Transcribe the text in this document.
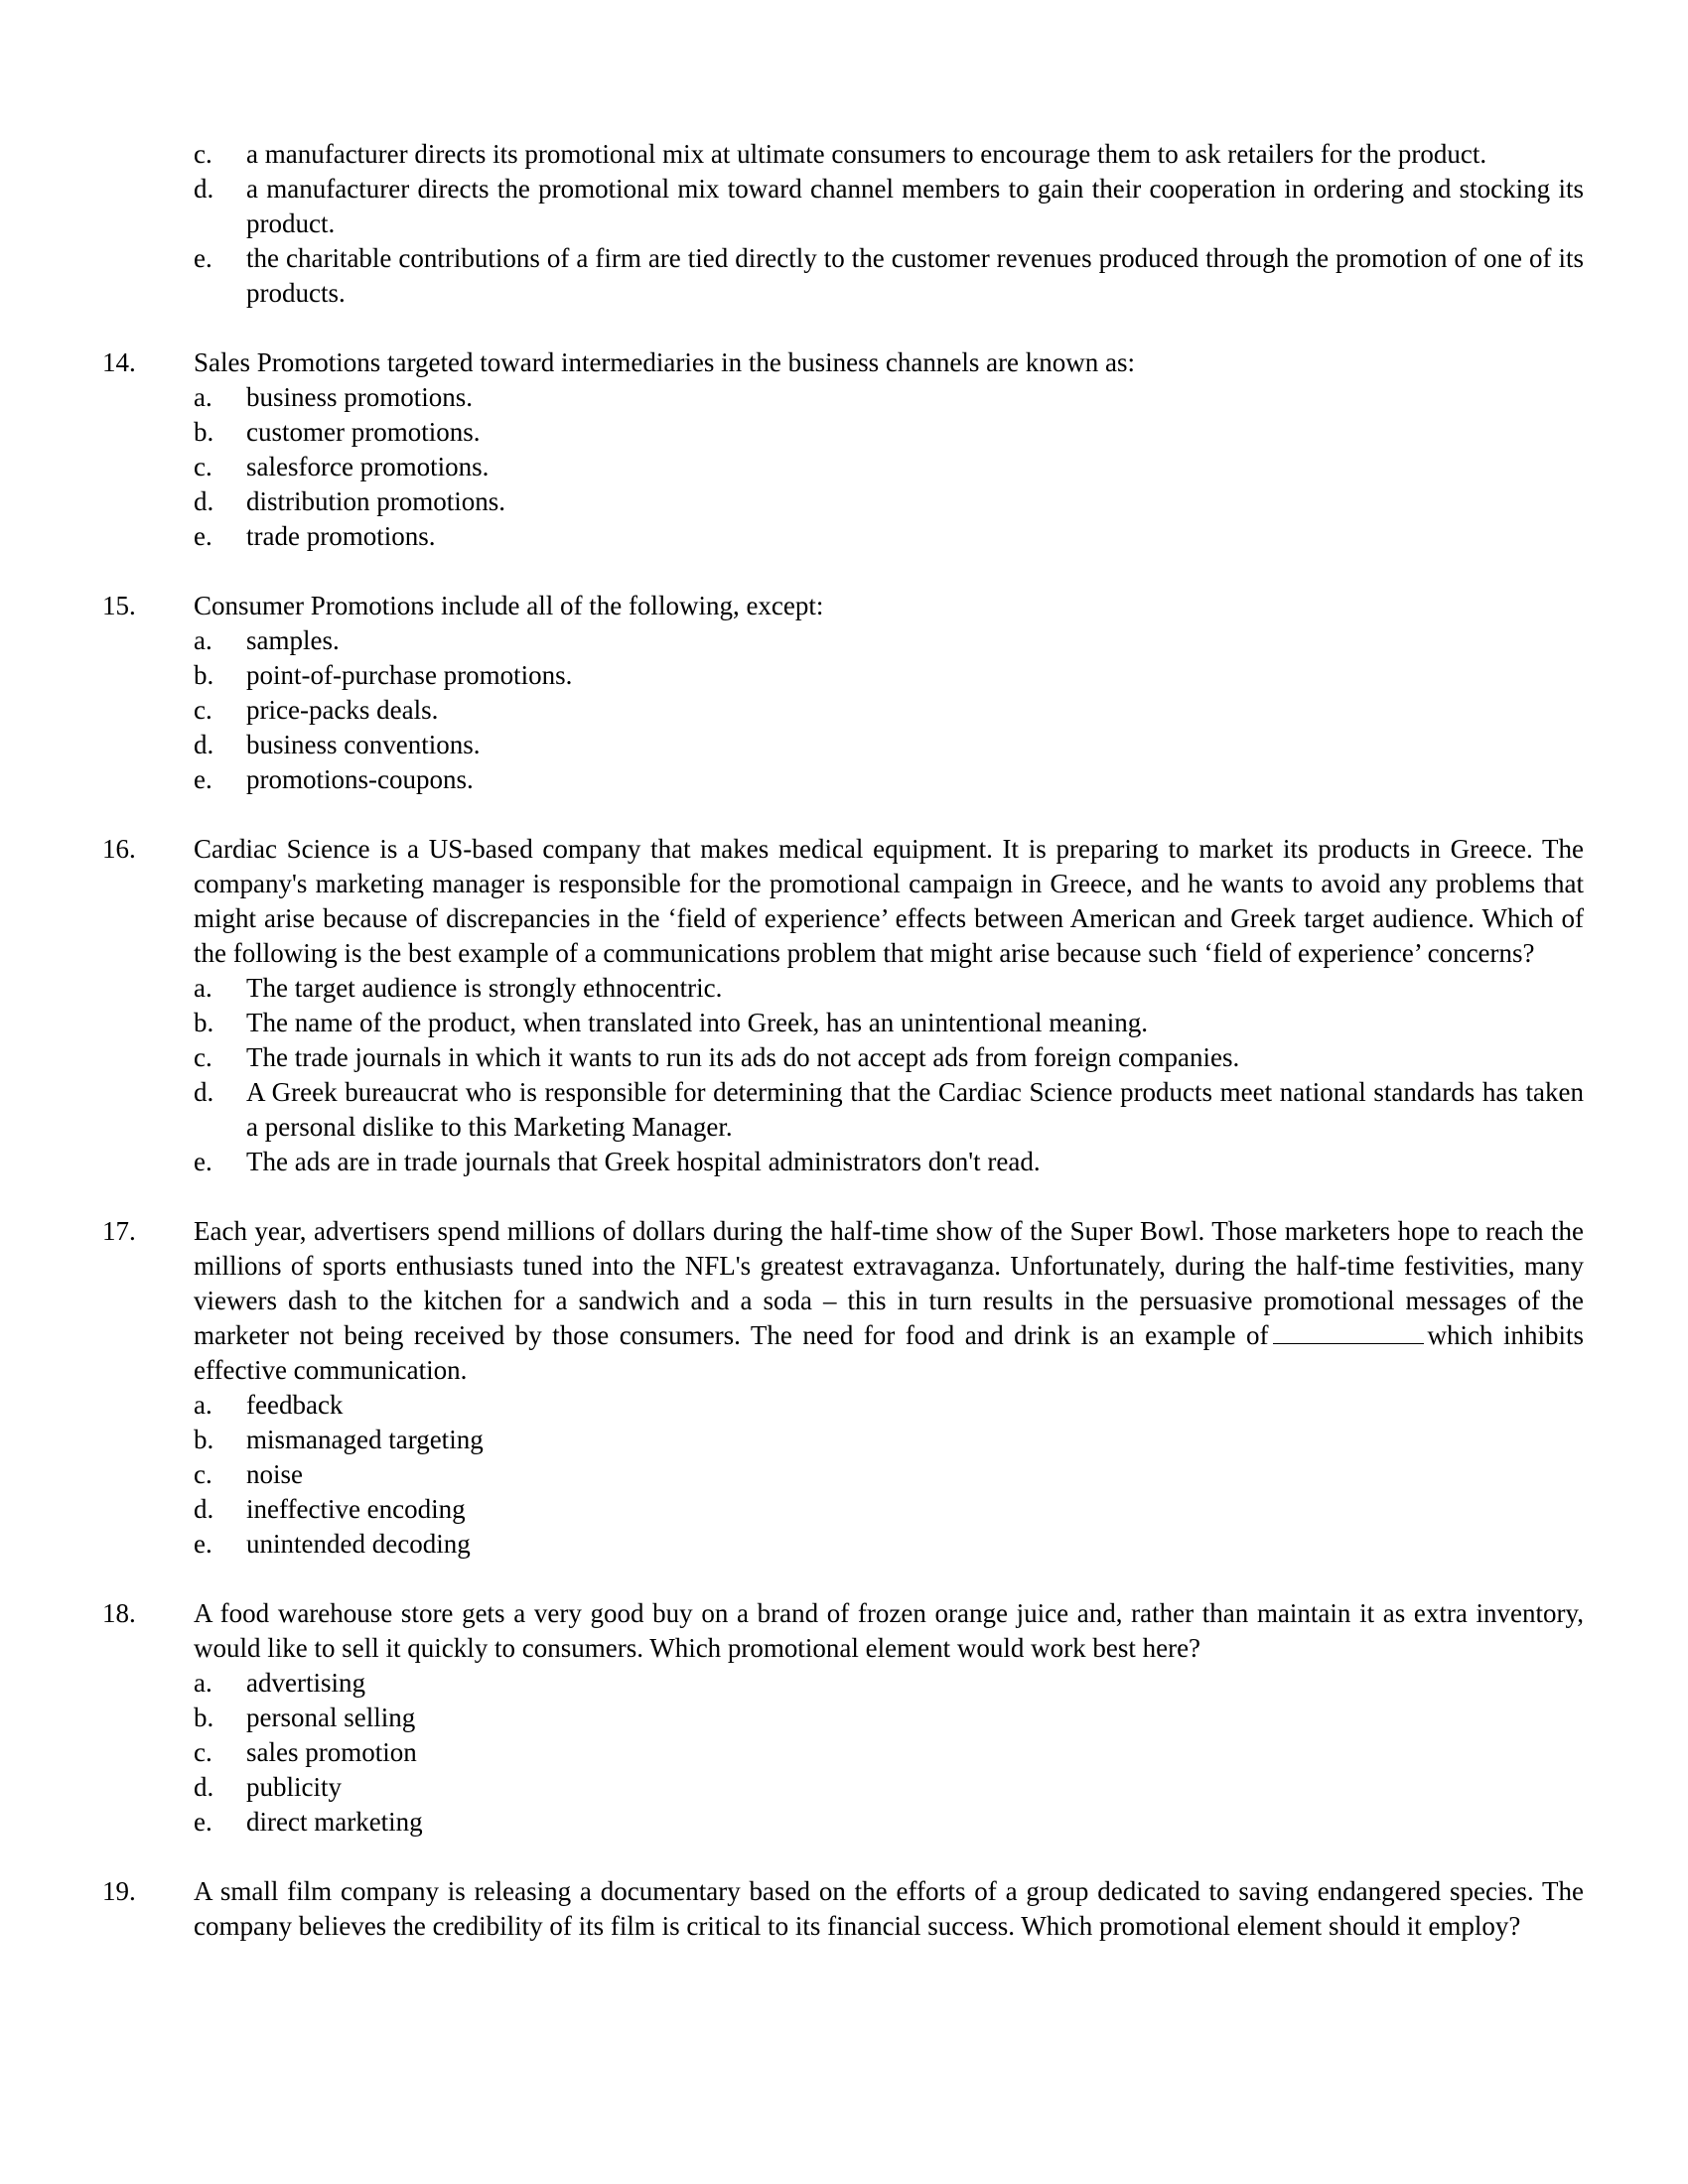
c.	a manufacturer directs its promotional mix at ultimate consumers to encourage them to ask retailers for the product.
d.	a manufacturer directs the promotional mix toward channel members to gain their cooperation in ordering and stocking its product.
e.	the charitable contributions of a firm are tied directly to the customer revenues produced through the promotion of one of its products.
14.	Sales Promotions targeted toward intermediaries in the business channels are known as:
a.	business promotions.
b.	customer promotions.
c.	salesforce promotions.
d.	distribution promotions.
e.	trade promotions.
15.	Consumer Promotions include all of the following, except:
a.	samples.
b.	point-of-purchase promotions.
c.	price-packs deals.
d.	business conventions.
e.	promotions-coupons.
16.	Cardiac Science is a US-based company that makes medical equipment. It is preparing to market its products in Greece. The company's marketing manager is responsible for the promotional campaign in Greece, and he wants to avoid any problems that might arise because of discrepancies in the ‘field of experience’ effects between American and Greek target audience. Which of the following is the best example of a communications problem that might arise because such ‘field of experience’ concerns?
a.	The target audience is strongly ethnocentric.
b.	The name of the product, when translated into Greek, has an unintentional meaning.
c.	The trade journals in which it wants to run its ads do not accept ads from foreign companies.
d.	A Greek bureaucrat who is responsible for determining that the Cardiac Science products meet national standards has taken a personal dislike to this Marketing Manager.
e.	The ads are in trade journals that Greek hospital administrators don't read.
17.	Each year, advertisers spend millions of dollars during the half-time show of the Super Bowl. Those marketers hope to reach the millions of sports enthusiasts tuned into the NFL's greatest extravaganza. Unfortunately, during the half-time festivities, many viewers dash to the kitchen for a sandwich and a soda – this in turn results in the persuasive promotional messages of the marketer not being received by those consumers. The need for food and drink is an example of	which inhibits effective communication.
a.	feedback
b.	mismanaged targeting
c.	noise
d.	ineffective encoding
e.	unintended decoding
18.	A food warehouse store gets a very good buy on a brand of frozen orange juice and, rather than maintain it as extra inventory, would like to sell it quickly to consumers. Which promotional element would work best here?
a.	advertising
b.	personal selling
c.	sales promotion
d.	publicity
e.	direct marketing
19.	A small film company is releasing a documentary based on the efforts of a group dedicated to saving endangered species. The company believes the credibility of its film is critical to its financial success. Which promotional element should it employ?
